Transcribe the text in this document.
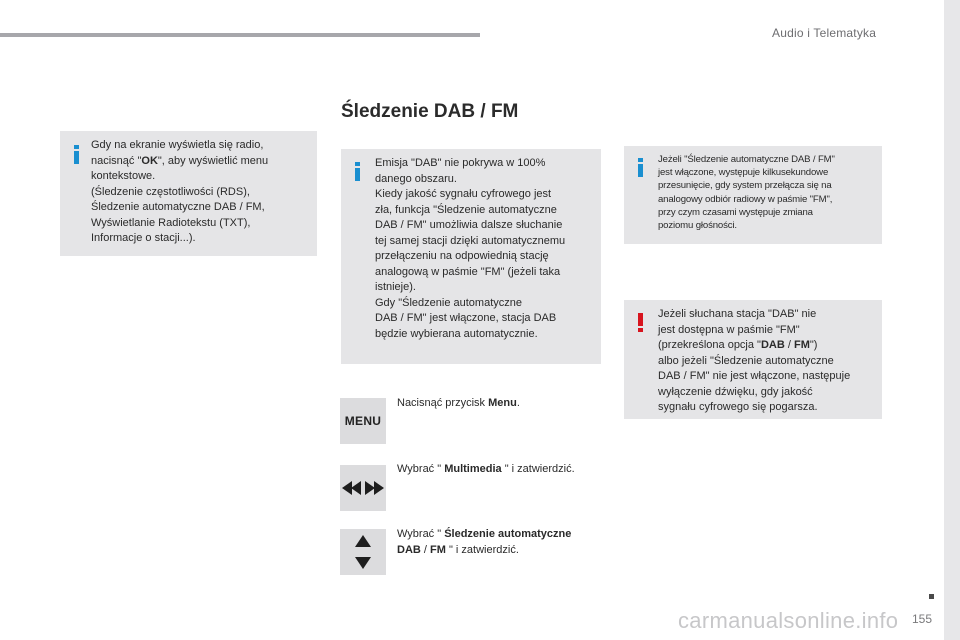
Audio i Telematyka
Śledzenie DAB / FM
Gdy na ekranie wyświetla się radio,
nacisnąć "OK", aby wyświetlić menu
kontekstowe.
(Śledzenie częstotliwości (RDS),
Śledzenie automatyczne DAB / FM,
Wyświetlanie Radiotekstu (TXT),
Informacje o stacji...).
Emisja "DAB" nie pokrywa w 100%
danego obszaru.
Kiedy jakość sygnału cyfrowego jest
zła, funkcja "Śledzenie automatyczne
DAB / FM" umożliwia dalsze słuchanie
tej samej stacji dzięki automatycznemu
przełączeniu na odpowiednią stację
analogową w paśmie "FM" (jeżeli taka
istnieje).
Gdy "Śledzenie automatyczne
DAB / FM" jest włączone, stacja DAB
będzie wybierana automatycznie.
Jeżeli "Śledzenie automatyczne DAB / FM"
jest włączone, występuje kilkusekundowe
przesunięcie, gdy system przełącza się na
analogowy odbiór radiowy w paśmie "FM",
przy czym czasami występuje zmiana
poziomu głośności.
Jeżeli słuchana stacja "DAB" nie
jest dostępna w paśmie "FM"
(przekreślona opcja "DAB / FM")
albo jeżeli "Śledzenie automatyczne
DAB / FM" nie jest włączone, następuje
wyłączenie dźwięku, gdy jakość
sygnału cyfrowego się pogarsza.
MENU
Nacisnąć przycisk Menu.
Wybrać " Multimedia " i zatwierdzić.
Wybrać " Śledzenie automatyczne
DAB / FM " i zatwierdzić.
carmanualsonline.info 155
